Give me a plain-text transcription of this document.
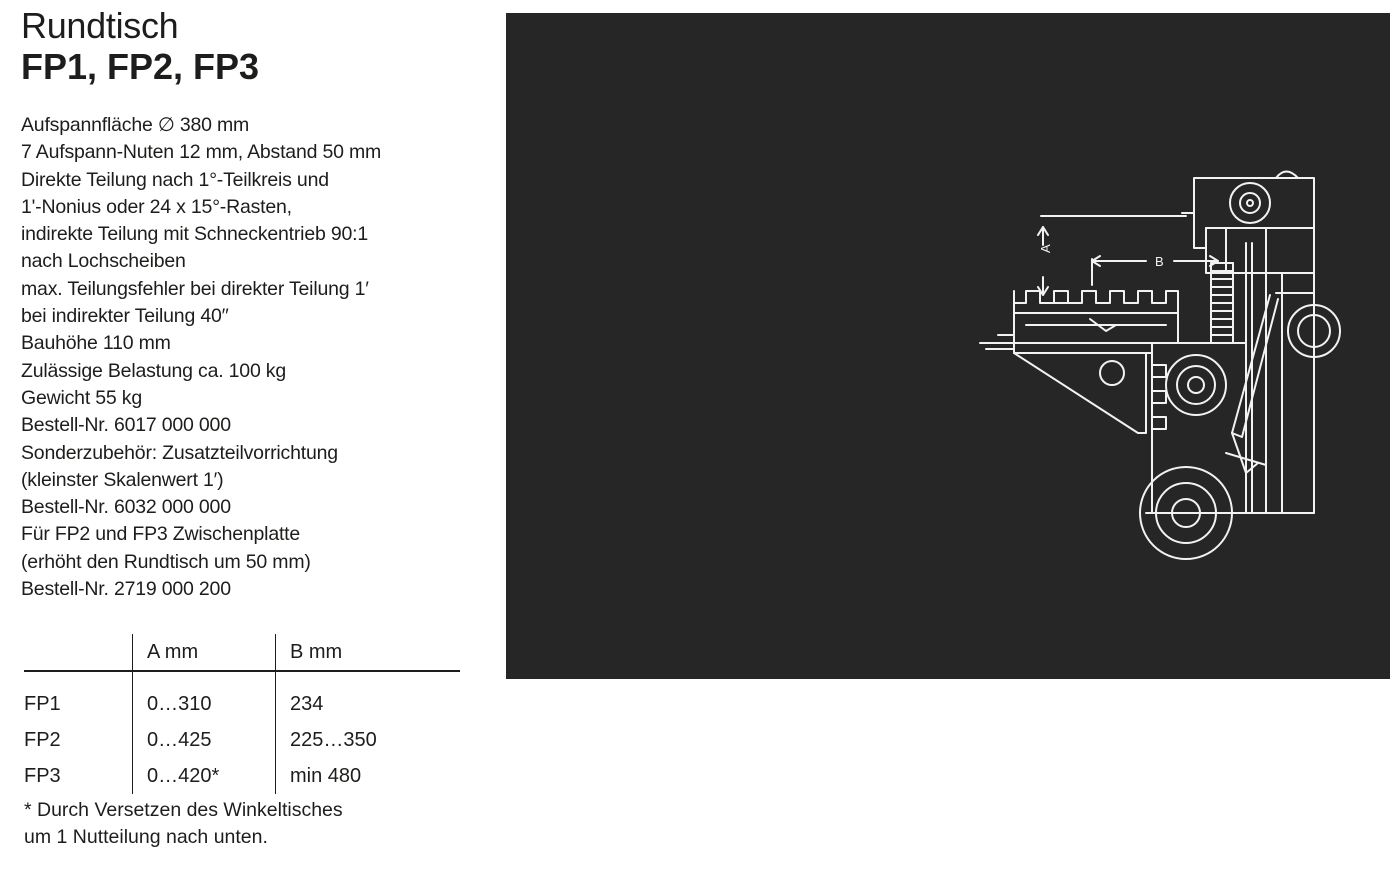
Rundtisch
FP1, FP2, FP3
Aufspannfläche ∅ 380 mm
7 Aufspann-Nuten 12 mm, Abstand 50 mm
Direkte Teilung nach 1°-Teilkreis und
1'-Nonius oder 24 x 15°-Rasten,
indirekte Teilung mit Schneckentrieb 90:1
nach Lochscheiben
max. Teilungsfehler bei direkter Teilung 1′
bei indirekter Teilung 40′′
Bauhöhe 110 mm
Zulässige Belastung ca. 100 kg
Gewicht 55 kg
Bestell-Nr. 6017 000 000
Sonderzubehör: Zusatzteilvorrichtung
(kleinster Skalenwert 1′)
Bestell-Nr. 6032 000 000
Für FP2 und FP3 Zwischenplatte
(erhöht den Rundtisch um 50 mm)
Bestell-Nr. 2719 000 200
	A mm	B mm
FP1	0…310	234
FP2	0…425	225…350
FP3	0…420*	min 480
* Durch Versetzen des Winkeltisches
um 1 Nutteilung nach unten.
A
B
